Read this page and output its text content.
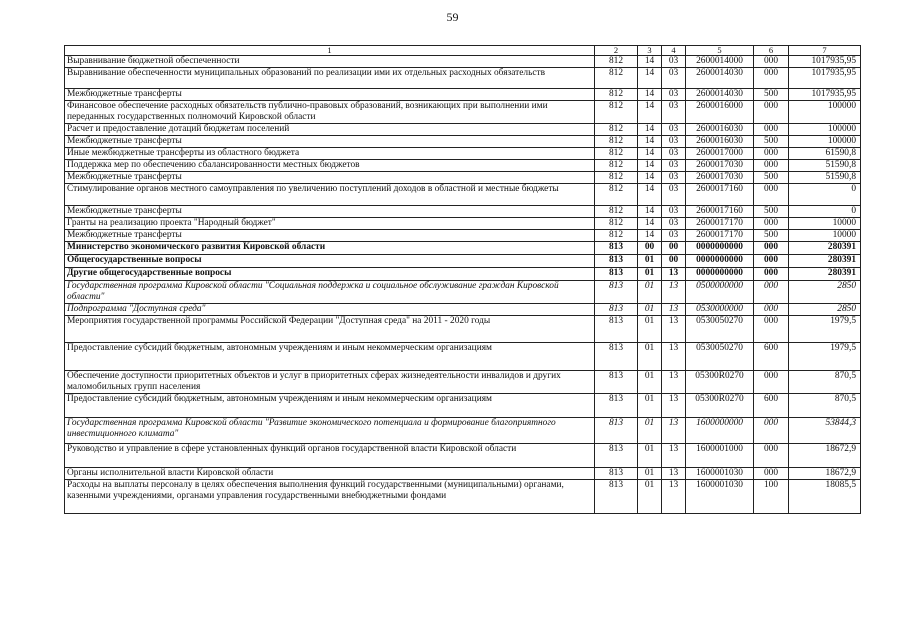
59
1	2	3	4	5	6	7
Выравнивание бюджетной обеспеченности	812	14	03	2600014000	000	1017935,95
Выравнивание обеспеченности муниципальных образований по реализации ими их отдельных расходных обязательств	812	14	03	2600014030	000	1017935,95
Межбюджетные трансферты	812	14	03	2600014030	500	1017935,95
Финансовое обеспечение расходных обязательств публично-правовых образований, возникающих при выполнении ими переданных государственных полномочий Кировской области	812	14	03	2600016000	000	100000
Расчет и предоставление дотаций бюджетам поселений	812	14	03	2600016030	000	100000
Межбюджетные трансферты	812	14	03	2600016030	500	100000
Иные межбюджетные трансферты из областного бюджета	812	14	03	2600017000	000	61590,8
Поддержка мер по обеспечению сбалансированности местных бюджетов	812	14	03	2600017030	000	51590,8
Межбюджетные трансферты	812	14	03	2600017030	500	51590,8
Стимулирование органов местного самоуправления по увеличению поступлений доходов в областной и местные бюджеты	812	14	03	2600017160	000	0
Межбюджетные трансферты	812	14	03	2600017160	500	0
Гранты на реализацию проекта "Народный бюджет"	812	14	03	2600017170	000	10000
Межбюджетные трансферты	812	14	03	2600017170	500	10000
Министерство экономического развития Кировской области	813	00	00	0000000000	000	280391
Общегосударственные вопросы	813	01	00	0000000000	000	280391
Другие общегосударственные вопросы	813	01	13	0000000000	000	280391
Государственная программа Кировской области "Социальная поддержка и социальное обслуживание граждан Кировской области"	813	01	13	0500000000	000	2850
Подпрограмма "Доступная среда"	813	01	13	0530000000	000	2850
Мероприятия государственной программы Российской Федерации "Доступная среда" на 2011 - 2020 годы	813	01	13	0530050270	000	1979,5
Предоставление субсидий бюджетным, автономным учреждениям и иным некоммерческим организациям	813	01	13	0530050270	600	1979,5
Обеспечение доступности приоритетных объектов и услуг в приоритетных сферах жизнедеятельности инвалидов и других маломобильных групп населения	813	01	13	05300R0270	000	870,5
Предоставление субсидий бюджетным, автономным учреждениям и иным некоммерческим организациям	813	01	13	05300R0270	600	870,5
Государственная программа Кировской области "Развитие экономического потенциала и формирование благоприятного инвестиционного климата"	813	01	13	1600000000	000	53844,3
Руководство и управление в сфере установленных функций органов государственной власти Кировской области	813	01	13	1600001000	000	18672,9
Органы исполнительной власти Кировской области	813	01	13	1600001030	000	18672,9
Расходы на выплаты персоналу в целях обеспечения выполнения функций государственными (муниципальными) органами, казенными учреждениями, органами управления государственными внебюджетными фондами	813	01	13	1600001030	100	18085,5
